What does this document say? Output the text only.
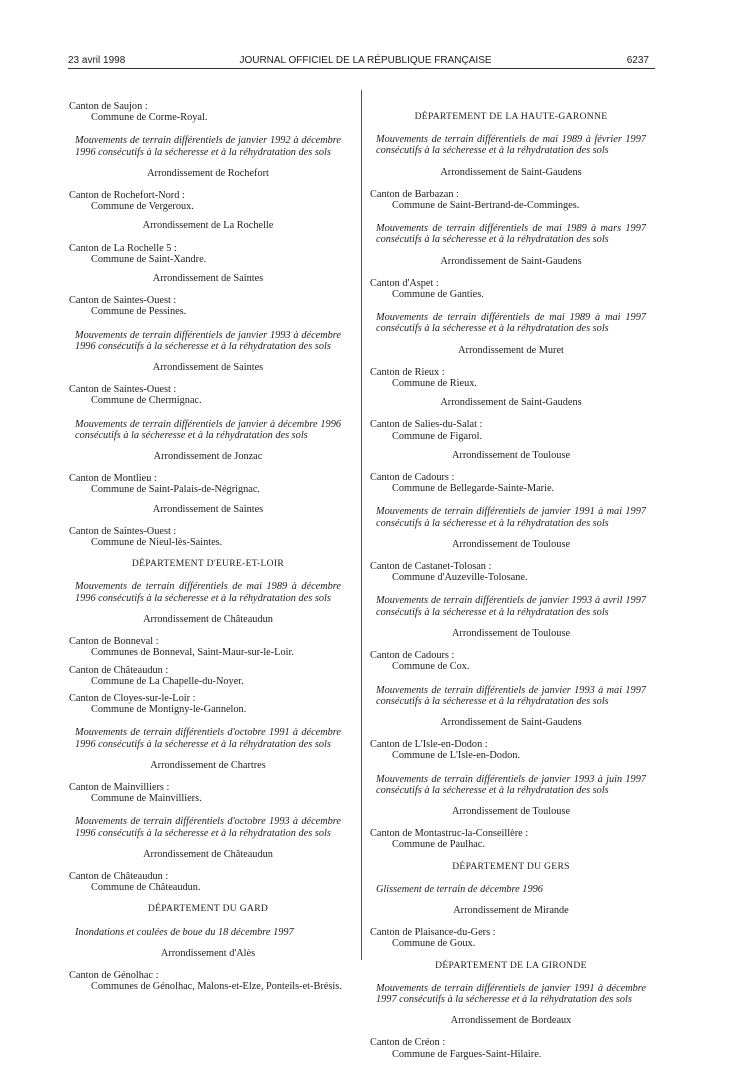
23 avril 1998	JOURNAL OFFICIEL DE LA RÉPUBLIQUE FRANÇAISE	6237
Canton de Saujon :
Commune de Corme-Royal.
Mouvements de terrain différentiels de janvier 1992 à décembre 1996 consécutifs à la sécheresse et à la réhydratation des sols
Arrondissement de Rochefort
Canton de Rochefort-Nord :
Commune de Vergeroux.
Arrondissement de La Rochelle
Canton de La Rochelle 5 :
Commune de Saint-Xandre.
Arrondissement de Saintes
Canton de Saintes-Ouest :
Commune de Pessines.
Mouvements de terrain différentiels de janvier 1993 à décembre 1996 consécutifs à la sécheresse et à la réhydratation des sols
Arrondissement de Saintes
Canton de Saintes-Ouest :
Commune de Chermignac.
Mouvements de terrain différentiels de janvier à décembre 1996 consécutifs à la sécheresse et à la réhydratation des sols
Arrondissement de Jonzac
Canton de Montlieu :
Commune de Saint-Palais-de-Négrignac.
Arrondissement de Saintes
Canton de Saintes-Ouest :
Commune de Nieul-lès-Saintes.
DÉPARTEMENT D'EURE-ET-LOIR
Mouvements de terrain différentiels de mai 1989 à décembre 1996 consécutifs à la sécheresse et à la réhydratation des sols
Arrondissement de Châteaudun
Canton de Bonneval :
Communes de Bonneval, Saint-Maur-sur-le-Loir.
Canton de Châteaudun :
Commune de La Chapelle-du-Noyer.
Canton de Cloyes-sur-le-Loir :
Commune de Montigny-le-Gannelon.
Mouvements de terrain différentiels d'octobre 1991 à décembre 1996 consécutifs à la sécheresse et à la réhydratation des sols
Arrondissement de Chartres
Canton de Mainvilliers :
Commune de Mainvilliers.
Mouvements de terrain différentiels d'octobre 1993 à décembre 1996 consécutifs à la sécheresse et à la réhydratation des sols
Arrondissement de Châteaudun
Canton de Châteaudun :
Commune de Châteaudun.
DÉPARTEMENT DU GARD
Inondations et coulées de boue du 18 décembre 1997
Arrondissement d'Alès
Canton de Génolhac :
Communes de Génolhac, Malons-et-Elze, Ponteils-et-Brésis.
DÉPARTEMENT DE LA HAUTE-GARONNE
Mouvements de terrain différentiels de mai 1989 à février 1997 consécutifs à la sécheresse et à la réhydratation des sols
Arrondissement de Saint-Gaudens
Canton de Barbazan :
Commune de Saint-Bertrand-de-Comminges.
Mouvements de terrain différentiels de mai 1989 à mars 1997 consécutifs à la sécheresse et à la réhydratation des sols
Arrondissement de Saint-Gaudens
Canton d'Aspet :
Commune de Ganties.
Mouvements de terrain différentiels de mai 1989 à mai 1997 consécutifs à la sécheresse et à la réhydratation des sols
Arrondissement de Muret
Canton de Rieux :
Commune de Rieux.
Arrondissement de Saint-Gaudens
Canton de Salies-du-Salat :
Commune de Figarol.
Arrondissement de Toulouse
Canton de Cadours :
Commune de Bellegarde-Sainte-Marie.
Mouvements de terrain différentiels de janvier 1991 à mai 1997 consécutifs à la sécheresse et à la réhydratation des sols
Arrondissement de Toulouse
Canton de Castanet-Tolosan :
Commune d'Auzeville-Tolosane.
Mouvements de terrain différentiels de janvier 1993 à avril 1997 consécutifs à la sécheresse et à la réhydratation des sols
Arrondissement de Toulouse
Canton de Cadours :
Commune de Cox.
Mouvements de terrain différentiels de janvier 1993 à mai 1997 consécutifs à la sécheresse et à la réhydratation des sols
Arrondissement de Saint-Gaudens
Canton de L'Isle-en-Dodon :
Commune de L'Isle-en-Dodon.
Mouvements de terrain différentiels de janvier 1993 à juin 1997 consécutifs à la sécheresse et à la réhydratation des sols
Arrondissement de Toulouse
Canton de Montastruc-la-Conseillère :
Commune de Paulhac.
DÉPARTEMENT DU GERS
Glissement de terrain de décembre 1996
Arrondissement de Mirande
Canton de Plaisance-du-Gers :
Commune de Goux.
DÉPARTEMENT DE LA GIRONDE
Mouvements de terrain différentiels de janvier 1991 à décembre 1997 consécutifs à la sécheresse et à la réhydratation des sols
Arrondissement de Bordeaux
Canton de Créon :
Commune de Fargues-Saint-Hilaire.
